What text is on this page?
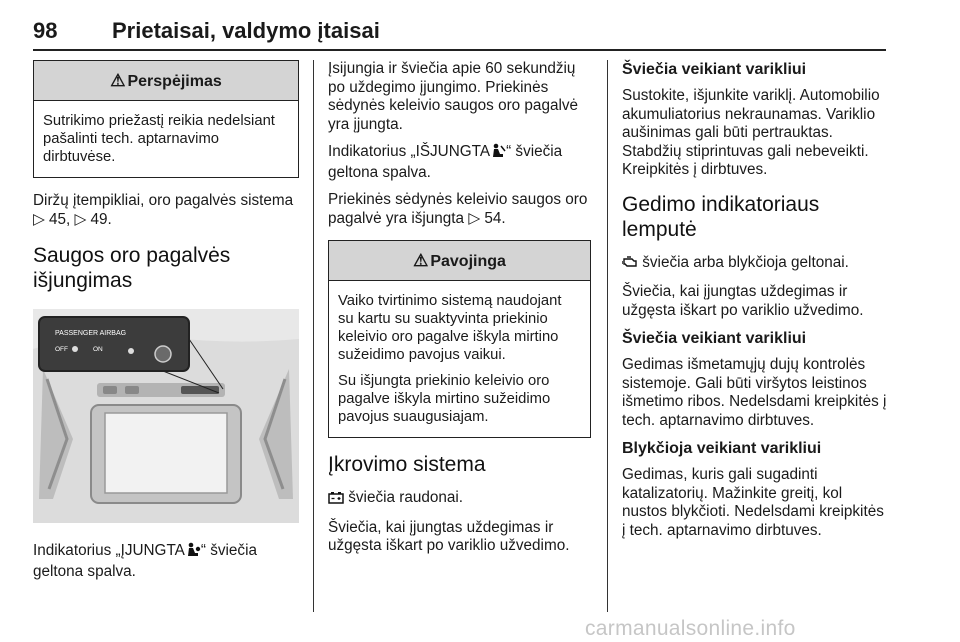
98 Prietaisai, valdymo įtaisai
⚠ Perspėjimas

Sutrikimo priežastį reikia nedelsiant pašalinti tech. aptarnavimo dirbtuvėse.

Diržų įtempikliai, oro pagalvės sistema ▷ 45, ▷ 49.

Saugos oro pagalvės išjungimas
PASSENGER AIRBAG
OFF	ON

Indikatorius „ĮJUNGTA “ šviečia geltona spalva.

Įsijungia ir šviečia apie 60 sekundžių po uždegimo įjungimo. Priekinės sėdynės keleivio saugos oro pagalvė yra įjungta.

Indikatorius „IŠJUNGTA “ šviečia geltona spalva.

Priekinės sėdynės keleivio saugos oro pagalvė yra išjungta ▷ 54.

⚠ Pavojinga

Vaiko tvirtinimo sistemą naudojant su kartu su suaktyvinta priekinio keleivio oro pagalve iškyla mirtino sužeidimo pavojus vaikui.

Su išjungta priekinio keleivio oro pagalve iškyla mirtino sužeidimo pavojus suaugusiajam.

Įkrovimo sistema

šviečia raudonai.

Šviečia, kai įjungtas uždegimas ir užgęsta iškart po variklio užvedimo.

Šviečia veikiant varikliui

Sustokite, išjunkite variklį. Automobilio akumuliatorius nekraunamas. Variklio aušinimas gali būti pertrauktas. Stabdžių stiprintuvas gali nebeveikti. Kreipkitės į dirbtuves.

Gedimo indikatoriaus lemputė

šviečia arba blykčioja geltonai.

Šviečia, kai įjungtas uždegimas ir užgęsta iškart po variklio užvedimo.

Šviečia veikiant varikliui

Gedimas išmetamųjų dujų kontrolės sistemoje. Gali būti viršytos leistinos išmetimo ribos. Nedelsdami kreipkitės į tech. aptarnavimo dirbtuves.

Blykčioja veikiant varikliui

Gedimas, kuris gali sugadinti katalizatorių. Mažinkite greitį, kol nustos blykčioti. Nedelsdami kreipkitės į tech. aptarnavimo dirbtuves.

carmanualsonline.info
